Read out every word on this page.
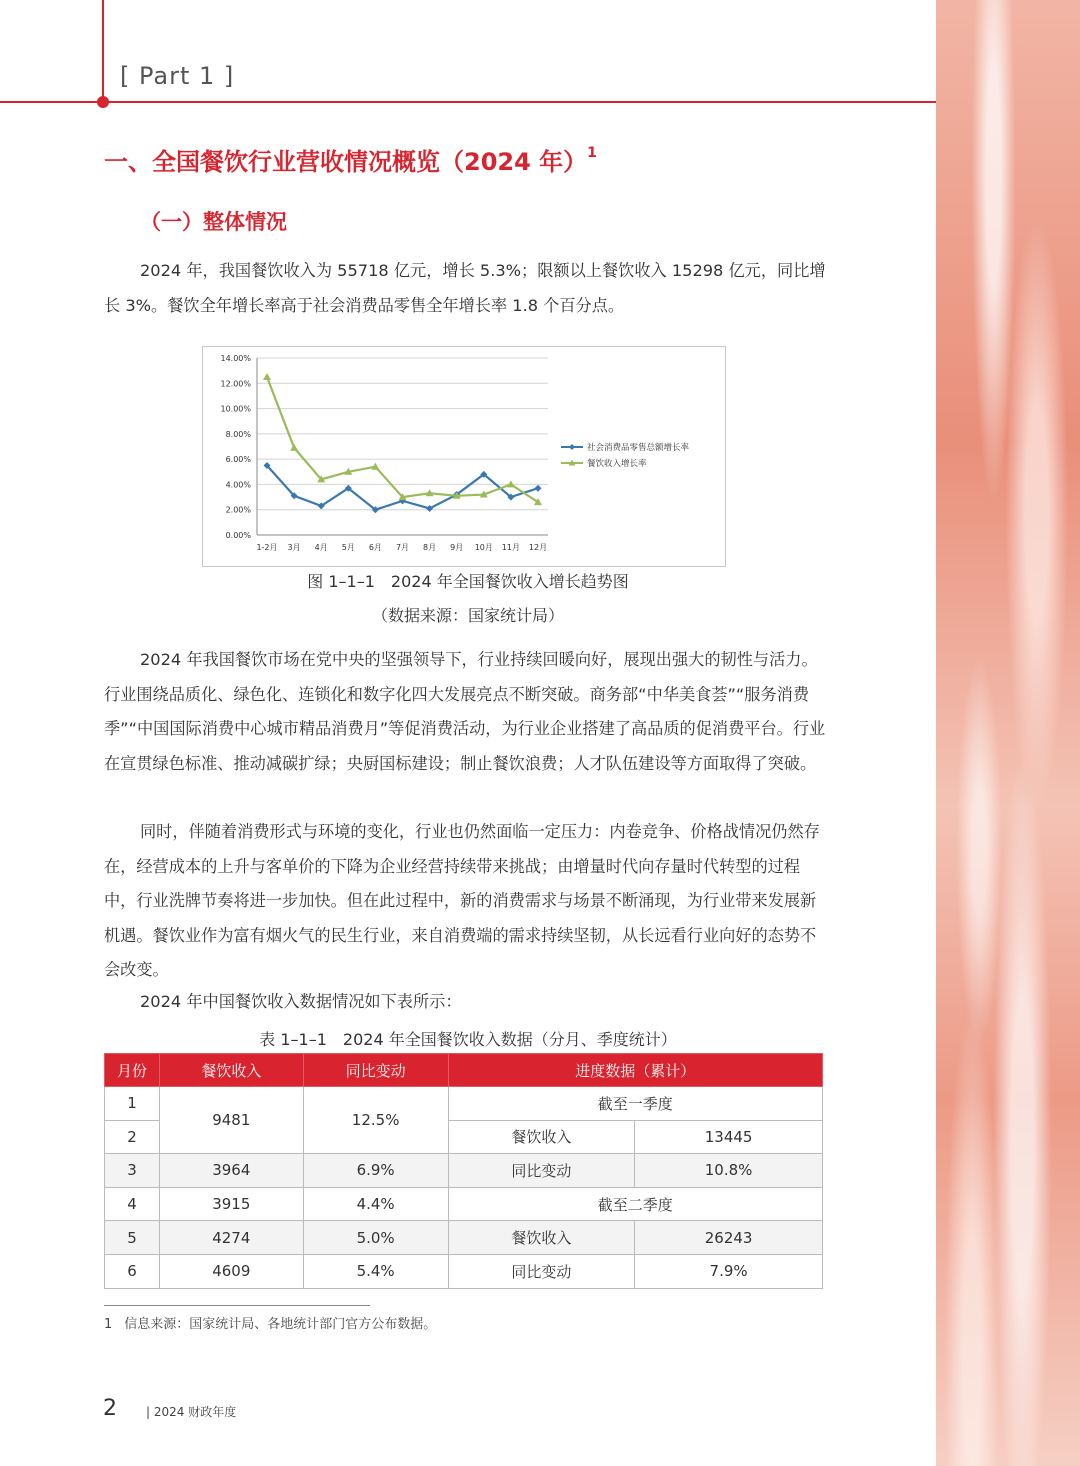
[ Part 1 ]
一、全国餐饮行业营收情况概览（2024 年）$^1$
（一）整体情况

2024 年，我国餐饮收入为 55718 亿元，增长 5.3%；限额以上餐饮收入 15298 亿元，同比增长 3%。餐饮全年增长率高于社会消费品零售全年增长率 1.8 个百分点。

0.00%
2.00%
4.00%
6.00%
8.00%
10.00%
12.00%
14.00%
1-2月 3月 4月 5月 6月 7月 8月 9月 10月 11月 12月
社会消费品零售总额增长率
餐饮收入增长率
图 1–1–1　2024 年全国餐饮收入增长趋势图
（数据来源：国家统计局）

2024 年我国餐饮市场在党中央的坚强领导下，行业持续回暖向好，展现出强大的韧性与活力。行业围绕品质化、绿色化、连锁化和数字化四大发展亮点不断突破。商务部“中华美食荟”“服务消费季”“中国国际消费中心城市精品消费月”等促消费活动，为行业企业搭建了高品质的促消费平台。行业在宣贯绿色标准、推动减碳扩绿；央厨国标建设；制止餐饮浪费；人才队伍建设等方面取得了突破。

同时，伴随着消费形式与环境的变化，行业也仍然面临一定压力：内卷竞争、价格战情况仍然存在，经营成本的上升与客单价的下降为企业经营持续带来挑战；由增量时代向存量时代转型的过程中，行业洗牌节奏将进一步加快。但在此过程中，新的消费需求与场景不断涌现，为行业带来发展新机遇。餐饮业作为富有烟火气的民生行业，来自消费端的需求持续坚韧，从长远看行业向好的态势不会改变。

2024 年中国餐饮收入数据情况如下表所示：

表 1–1–1　2024 年全国餐饮收入数据（分月、季度统计）
月份	餐饮收入	同比变动	进度数据（累计）	
1	9481	12.5%	截至一季度	
2			餐饮收入	13445
3	3964	6.9%	同比变动	10.8%
4	3915	4.4%	截至二季度	
5	4274	5.0%	餐饮收入	26243
6	4609	5.4%	同比变动	7.9%
1 信息来源：国家统计局、各地统计部门官方公布数据。
2 | 2024 财政年度
